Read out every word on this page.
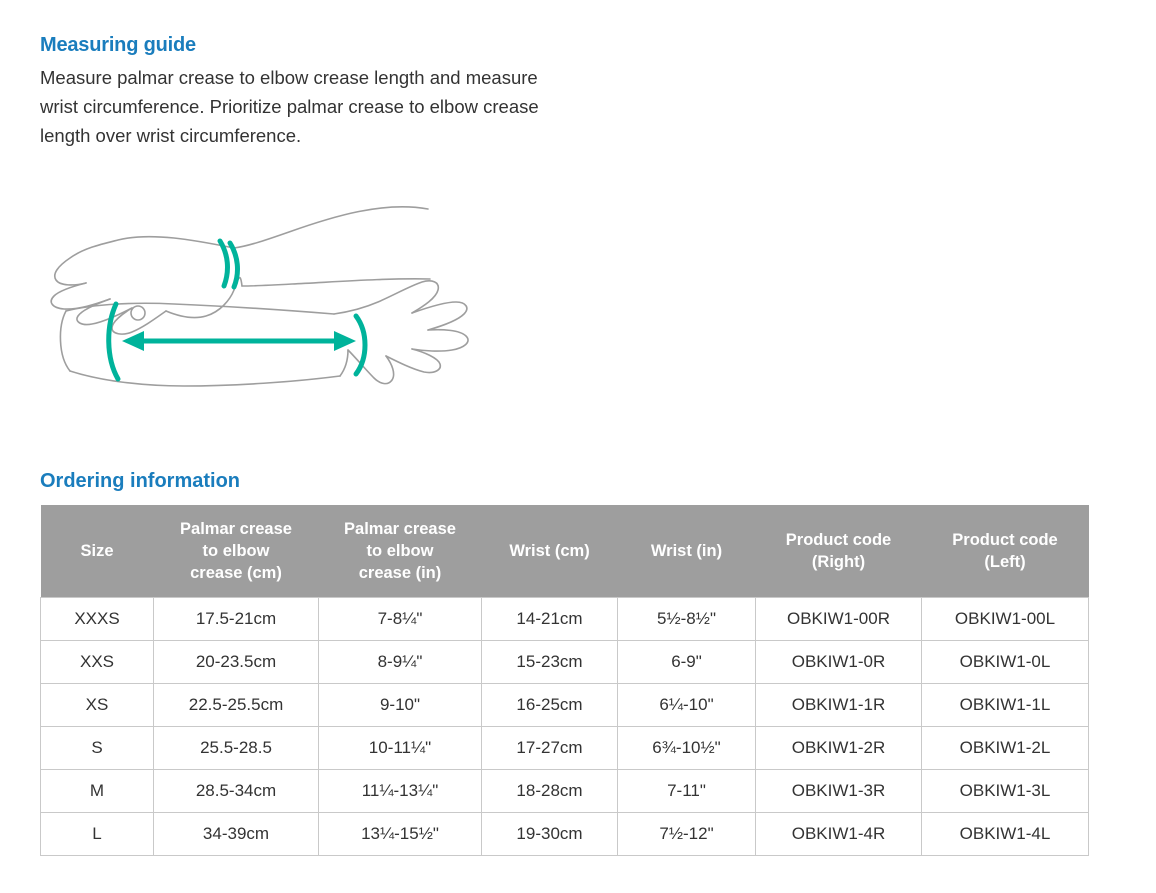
Measuring guide

Measure palmar crease to elbow crease length and measure wrist circumference. Prioritize palmar crease to elbow crease length over wrist circumference.

Ordering information
Size	Palmar crease
to elbow
crease (cm)	Palmar crease
to elbow
crease (in)	Wrist (cm)	Wrist (in)	Product code
(Right)	Product code
(Left)
XXXS	17.5-21cm	7-8¼"	14-21cm	5½-8½"	OBKIW1-00R	OBKIW1-00L
XXS	20-23.5cm	8-9¼"	15-23cm	6-9"	OBKIW1-0R	OBKIW1-0L
XS	22.5-25.5cm	9-10"	16-25cm	6¼-10"	OBKIW1-1R	OBKIW1-1L
S	25.5-28.5	10-11¼"	17-27cm	6¾-10½"	OBKIW1-2R	OBKIW1-2L
M	28.5-34cm	11¼-13¼"	18-28cm	7-11"	OBKIW1-3R	OBKIW1-3L
L	34-39cm	13¼-15½"	19-30cm	7½-12"	OBKIW1-4R	OBKIW1-4L
